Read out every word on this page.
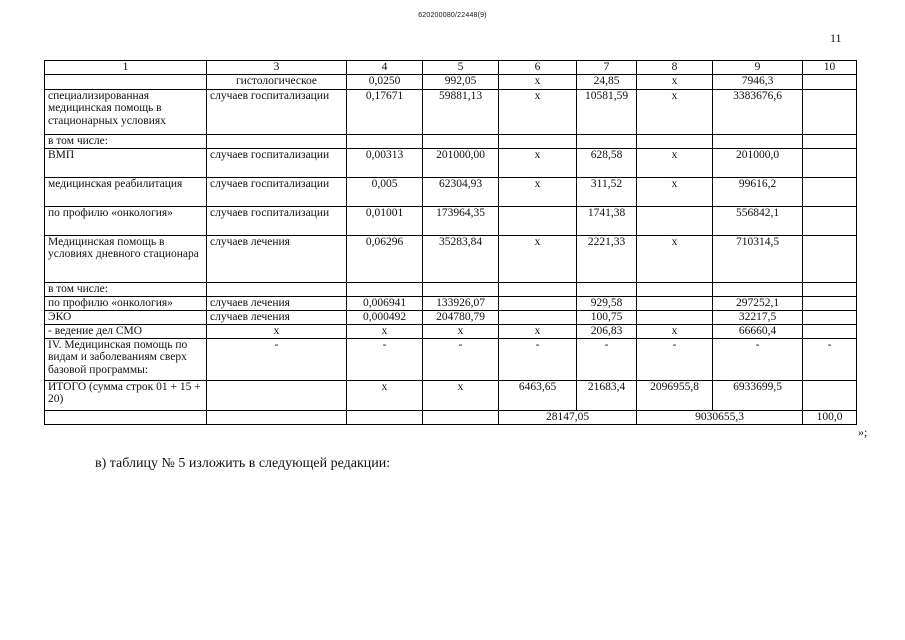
620200080/22448(9)
11
1	3	4	5	6	7	8	9	10
	гистологическое	0,0250	992,05	x	24,85	x	7946,3	
специализированная медицинская помощь в стационарных условиях	случаев госпитализации	0,17671	59881,13	x	10581,59	x	3383676,6	
в том числе:								
ВМП	случаев госпитализации	0,00313	201000,00	x	628,58	x	201000,0	
медицинская реабилитация	случаев госпитализации	0,005	62304,93	x	311,52	x	99616,2	
по профилю «онкология»	случаев госпитализации	0,01001	173964,35		1741,38		556842,1	
Медицинская помощь в условиях дневного стационара	случаев лечения	0,06296	35283,84	x	2221,33	x	710314,5	
в том числе:								
по профилю «онкология»	случаев лечения	0,006941	133926,07		929,58		297252,1	
ЭКО	случаев лечения	0,000492	204780,79		100,75		32217,5	
- ведение дел СМО	x	x	x	x	206,83	x	66660,4	
IV. Медицинская помощь по видам и заболеваниям сверх базовой программы:	-	-	-	-	-	-	-	-
ИТОГО (сумма строк 01 + 15 + 20)		x	x	6463,65	21683,4	2096955,8	6933699,5	
				28147,05		9030655,3		100,0
»;
в) таблицу № 5 изложить в следующей редакции:
